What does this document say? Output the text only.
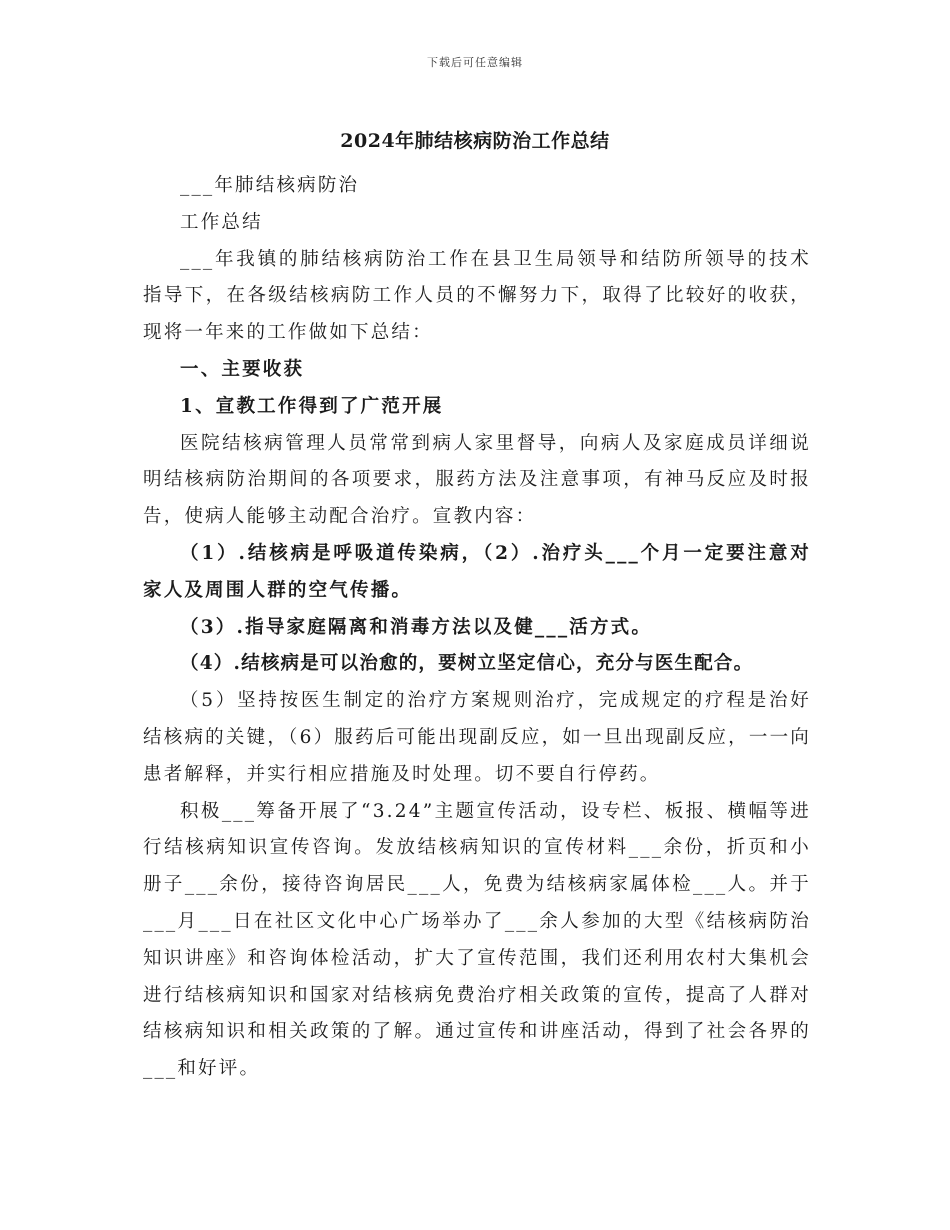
下载后可任意编辑
2024年肺结核病防治工作总结

___年肺结核病防治

工作总结

___年我镇的肺结核病防治工作在县卫生局领导和结防所领导的技术指导下，在各级结核病防工作人员的不懈努力下，取得了比较好的收获，现将一年来的工作做如下总结：

一、主要收获

1、宣教工作得到了广范开展

医院结核病管理人员常常到病人家里督导，向病人及家庭成员详细说明结核病防治期间的各项要求，服药方法及注意事项，有神马反应及时报告，使病人能够主动配合治疗。宣教内容：

（1）.结核病是呼吸道传染病，（2）.治疗头___个月一定要注意对家人及周围人群的空气传播。

（3）.指导家庭隔离和消毒方法以及健___活方式。

（4）.结核病是可以治愈的，要树立坚定信心，充分与医生配合。

（5）坚持按医生制定的治疗方案规则治疗，完成规定的疗程是治好结核病的关键，（6）服药后可能出现副反应，如一旦出现副反应，一一向患者解释，并实行相应措施及时处理。切不要自行停药。

积极___筹备开展了“3.24”主题宣传活动，设专栏、板报、横幅等进行结核病知识宣传咨询。发放结核病知识的宣传材料___余份，折页和小册子___余份，接待咨询居民___人，免费为结核病家属体检___人。并于___月___日在社区文化中心广场举办了___余人参加的大型《结核病防治知识讲座》和咨询体检活动，扩大了宣传范围，我们还利用农村大集机会进行结核病知识和国家对结核病免费治疗相关政策的宣传，提高了人群对结核病知识和相关政策的了解。通过宣传和讲座活动，得到了社会各界的___和好评。
